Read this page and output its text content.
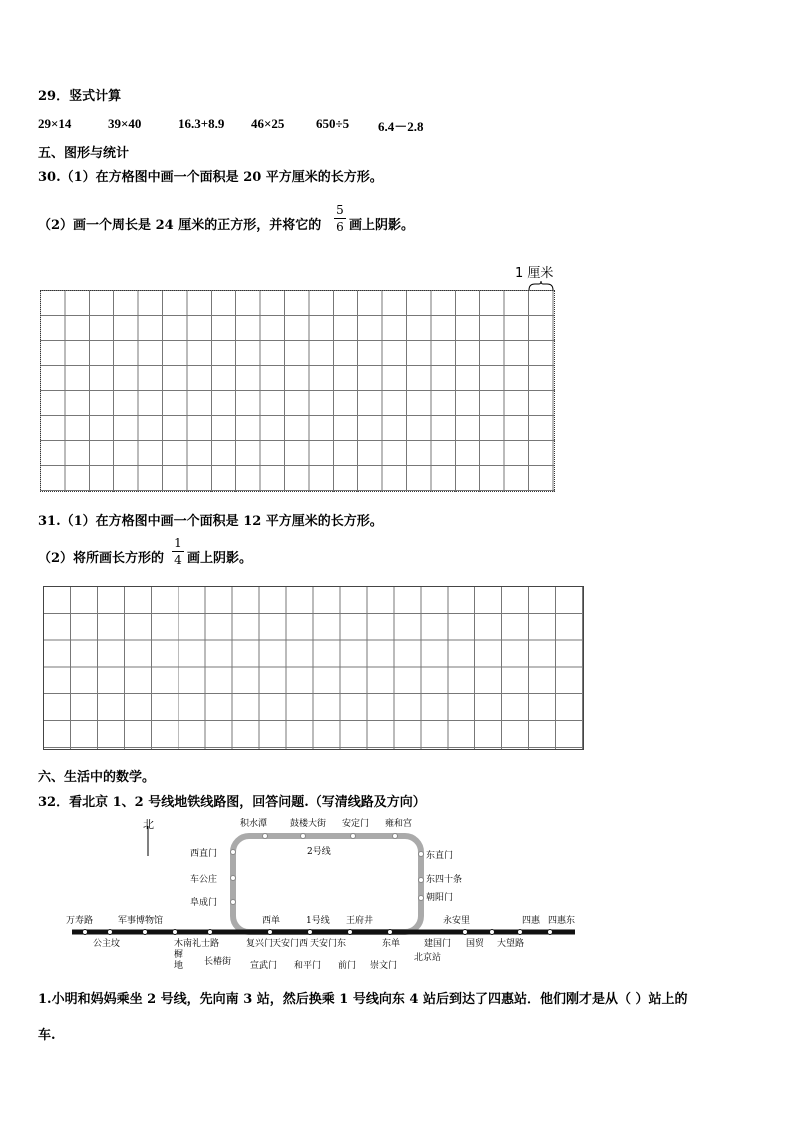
29．竖式计算
29×14	39×40	16.3+8.9 46×25 650÷5 6.4－2.8
五、图形与统计
30.（1）在方格图中画一个面积是 20 平方厘米的长方形。
（2）画一个周长是 24 厘米的正方形，并将它的
5
6 画上阴影。
1 厘米
31.（1）在方格图中画一个面积是 12 平方厘米的长方形。
（2）将所画长方形的
1
4 画上阴影。
六、生活中的数学。
32．看北京 1、2 号线地铁线路图，回答问题.（写清线路及方向）
北
2号线
1号线
积水潭	鼓楼大街 安定门 雍和宫
西直门	东直门
车公庄	东四十条
阜成门	朝阳门
西单	王府井
万寿路	军事博物馆	永安里	四惠 四惠东
公主坟	木南礼士路
樨
地
复兴门
天安门西 天安门东	东单	建国门 国贸 大望路
长椿街 宣武门 和平门 前门 崇文门
北京站
1.小明和妈妈乘坐 2 号线，先向南 3 站，然后换乘 1 号线向东 4 站后到达了四惠站．他们刚才是从（ ）站上的
车.
